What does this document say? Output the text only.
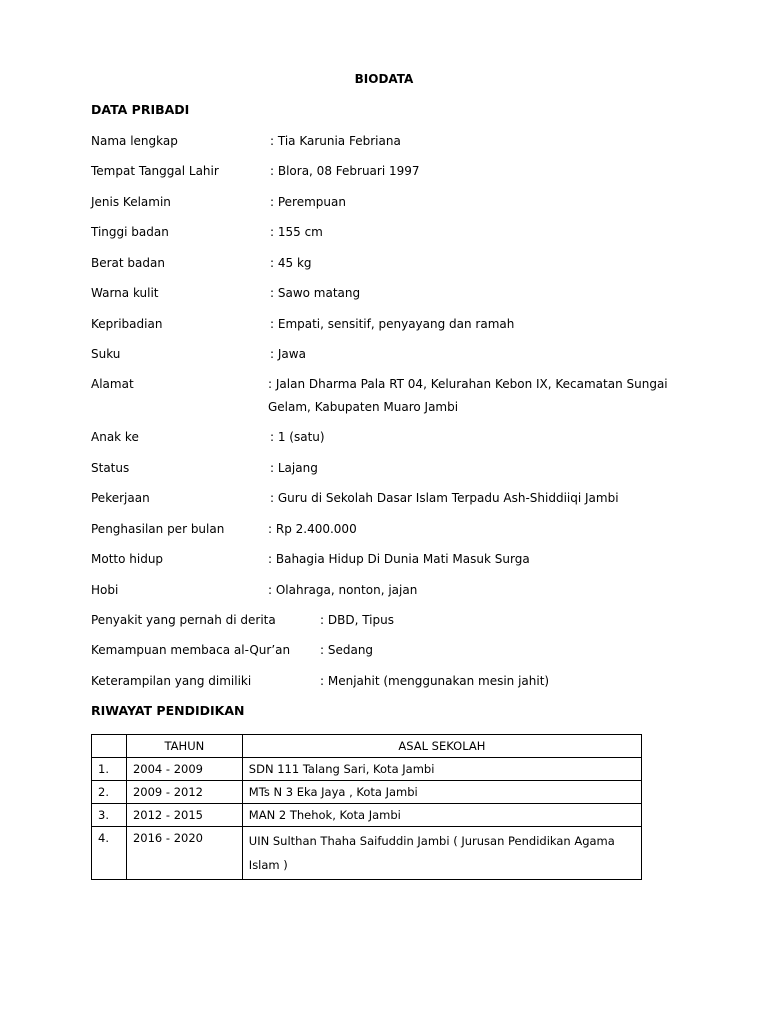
BIODATA
DATA PRIBADI
Nama lengkap	: Tia Karunia Febriana
Tempat Tanggal Lahir	: Blora, 08 Februari 1997
Jenis Kelamin	: Perempuan
Tinggi badan	: 155 cm
Berat badan	: 45 kg
Warna kulit	: Sawo matang
Kepribadian	: Empati, sensitif, penyayang dan ramah
Suku	: Jawa
Alamat	: Jalan Dharma Pala RT 04, Kelurahan Kebon IX, Kecamatan Sungai
Gelam, Kabupaten Muaro Jambi
Anak ke	: 1 (satu)
Status	: Lajang
Pekerjaan	: Guru di Sekolah Dasar Islam Terpadu Ash-Shiddiiqi Jambi
Penghasilan per bulan	: Rp 2.400.000
Motto hidup	: Bahagia Hidup Di Dunia Mati Masuk Surga
Hobi	: Olahraga, nonton, jajan
Penyakit yang pernah di derita	: DBD, Tipus
Kemampuan membaca al-Qur’an : Sedang
Keterampilan yang dimiliki	: Menjahit (menggunakan mesin jahit)
RIWAYAT PENDIDIKAN
	TAHUN	ASAL SEKOLAH
1.	2004 - 2009	SDN 111 Talang Sari, Kota Jambi
2.	2009 - 2012	MTs N 3 Eka Jaya , Kota Jambi
3.	2012 - 2015	MAN 2 Thehok, Kota Jambi
4.	2016 - 2020	UIN Sulthan Thaha Saifuddin Jambi ( Jurusan Pendidikan Agama Islam )
